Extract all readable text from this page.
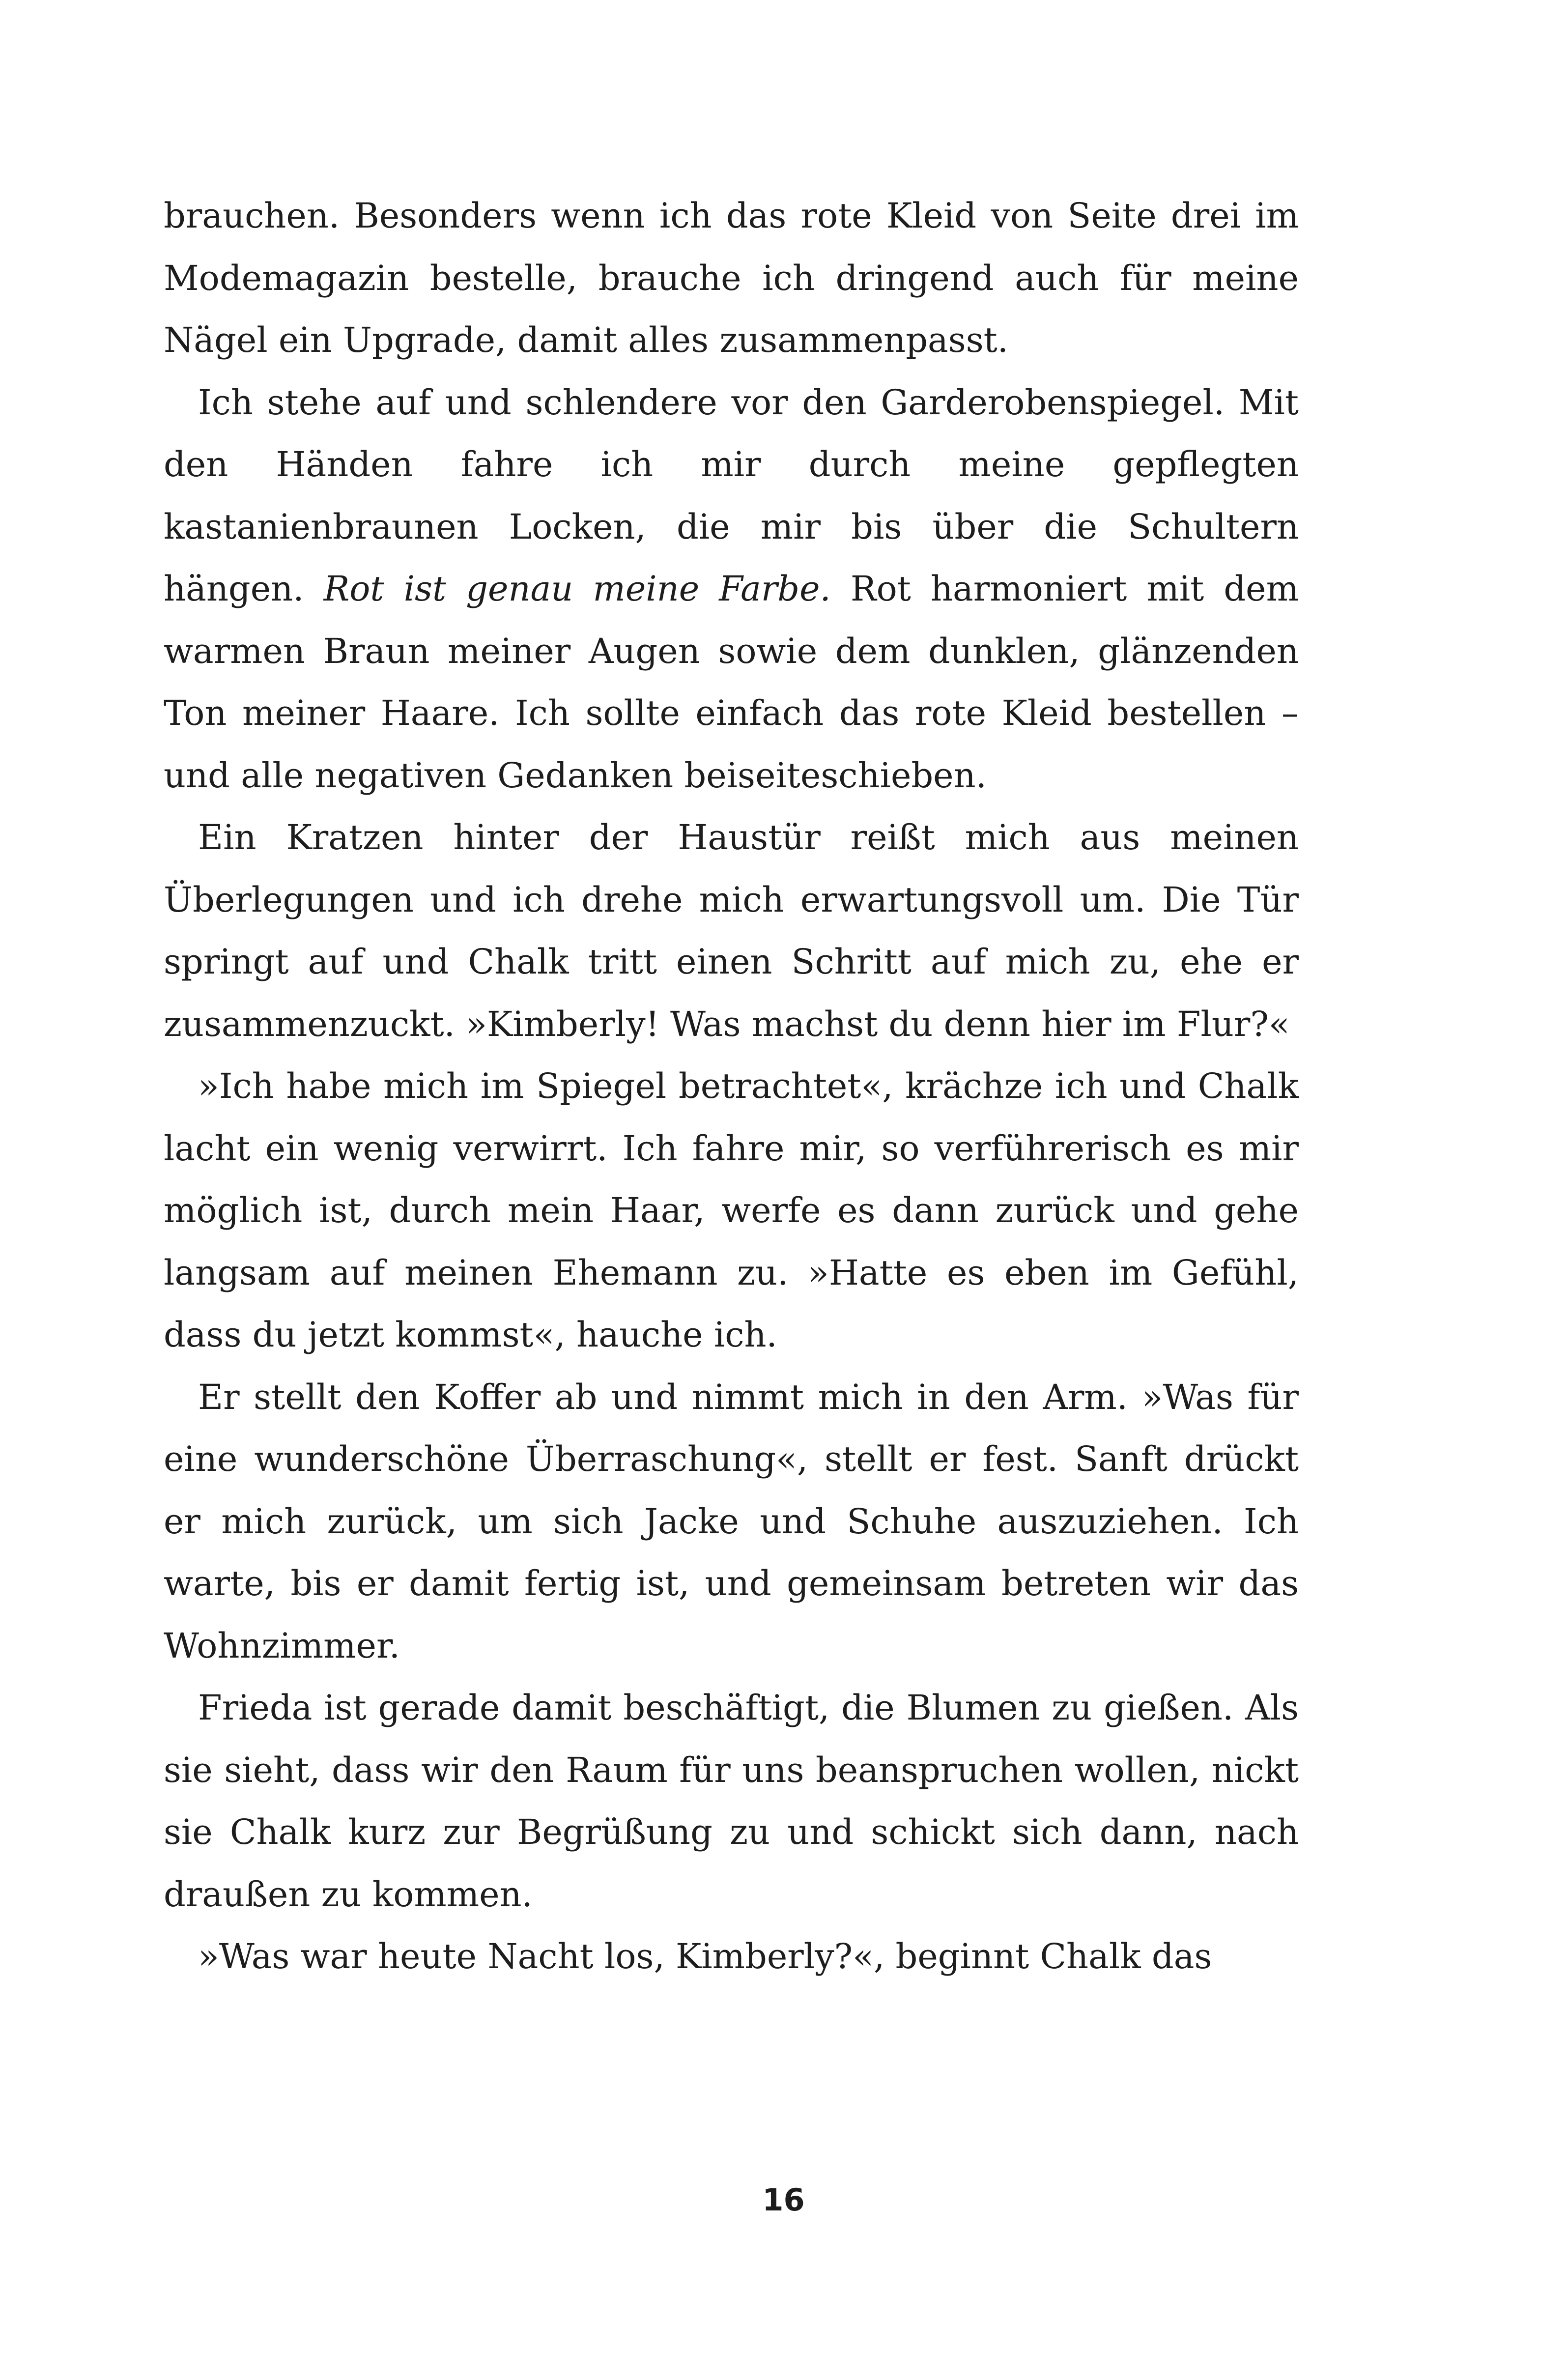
brauchen. Besonders wenn ich das rote Kleid von Seite drei im Modemagazin bestelle, brauche ich dringend auch für meine Nägel ein Upgrade, damit alles zusammenpasst.

Ich stehe auf und schlendere vor den Garderobenspiegel. Mit den Händen fahre ich mir durch meine gepflegten kastanienbraunen Locken, die mir bis über die Schultern hängen. Rot ist genau meine Farbe. Rot harmoniert mit dem warmen Braun meiner Augen sowie dem dunklen, glänzenden Ton meiner Haare. Ich sollte einfach das rote Kleid bestellen – und alle negativen Gedanken beiseiteschieben.

Ein Kratzen hinter der Haustür reißt mich aus meinen Überlegungen und ich drehe mich erwartungsvoll um. Die Tür springt auf und Chalk tritt einen Schritt auf mich zu, ehe er zusammenzuckt. »Kimberly! Was machst du denn hier im Flur?«

»Ich habe mich im Spiegel betrachtet«, krächze ich und Chalk lacht ein wenig verwirrt. Ich fahre mir, so verführerisch es mir möglich ist, durch mein Haar, werfe es dann zurück und gehe langsam auf meinen Ehemann zu. »Hatte es eben im Gefühl, dass du jetzt kommst«, hauche ich.

Er stellt den Koffer ab und nimmt mich in den Arm. »Was für eine wunderschöne Überraschung«, stellt er fest. Sanft drückt er mich zurück, um sich Jacke und Schuhe auszuziehen. Ich warte, bis er damit fertig ist, und gemeinsam betreten wir das Wohnzimmer.

Frieda ist gerade damit beschäftigt, die Blumen zu gießen. Als sie sieht, dass wir den Raum für uns beanspruchen wollen, nickt sie Chalk kurz zur Begrüßung zu und schickt sich dann, nach draußen zu kommen.

»Was war heute Nacht los, Kimberly?«, beginnt Chalk das

16
